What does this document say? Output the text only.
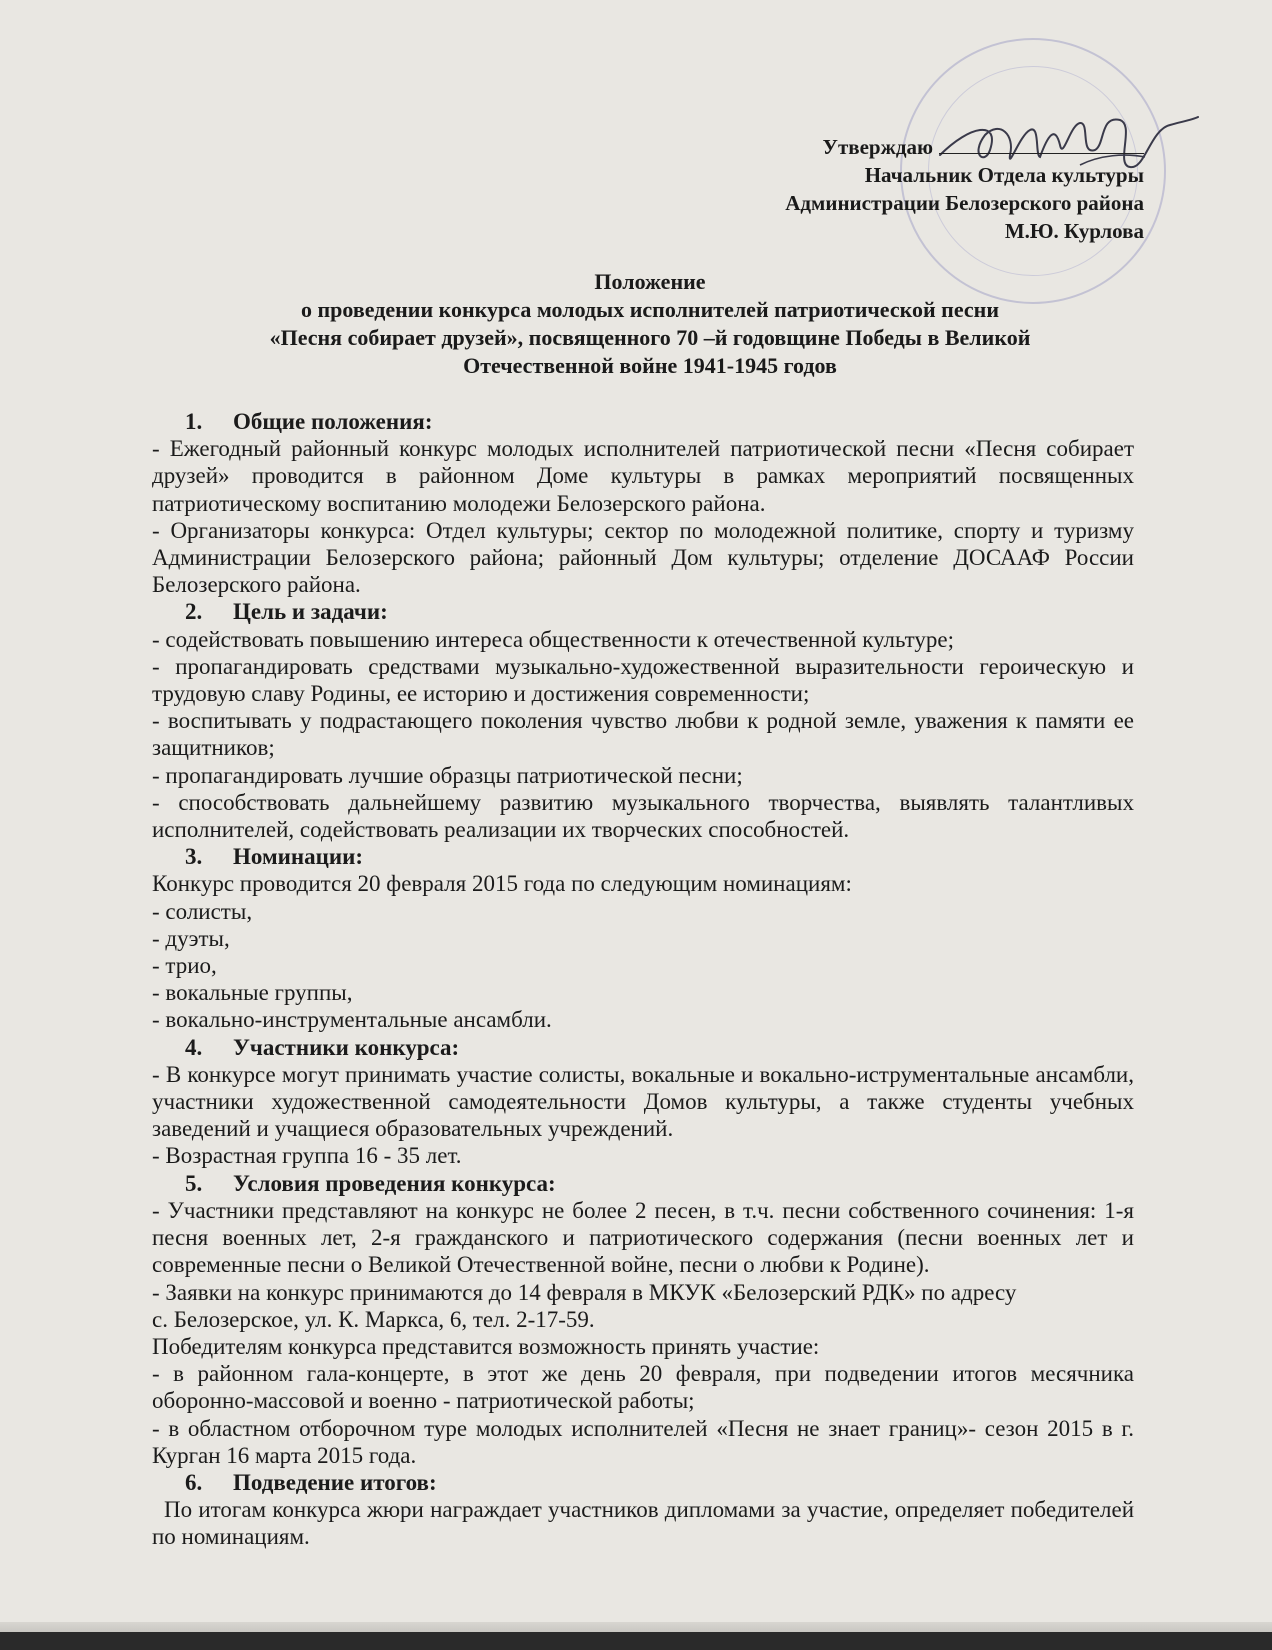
Утверждаю
Начальник Отдела культуры
Администрации Белозерского района
М.Ю. Курлова
Положение
о проведении конкурса молодых исполнителей патриотической песни
«Песня собирает друзей», посвященного 70 –й годовщине Победы в Великой
Отечественной войне 1941-1945 годов
1. Общие положения:
- Ежегодный районный конкурс молодых исполнителей патриотической песни «Песня собирает друзей» проводится в районном Доме культуры в рамках мероприятий посвященных патриотическому воспитанию молодежи Белозерского района.
- Организаторы конкурса: Отдел культуры; сектор по молодежной политике, спорту и туризму Администрации Белозерского района; районный Дом культуры; отделение ДОСААФ России Белозерского района.
2. Цель и задачи:
- содействовать повышению интереса общественности к отечественной культуре;
- пропагандировать средствами музыкально-художественной выразительности героическую и трудовую славу Родины, ее историю и достижения современности;
- воспитывать у подрастающего поколения чувство любви к родной земле, уважения к памяти ее защитников;
- пропагандировать лучшие образцы патриотической песни;
- способствовать дальнейшему развитию музыкального творчества, выявлять талантливых исполнителей, содействовать реализации их творческих способностей.
3. Номинации:
Конкурс проводится 20 февраля 2015 года по следующим номинациям:
- солисты,
- дуэты,
- трио,
- вокальные группы,
- вокально-инструментальные ансамбли.
4. Участники конкурса:
- В конкурсе могут принимать участие солисты, вокальные и вокально-иструментальные ансамбли, участники художественной самодеятельности Домов культуры, а также студенты учебных заведений и учащиеся образовательных учреждений.
- Возрастная группа 16 - 35 лет.
5. Условия проведения конкурса:
- Участники представляют на конкурс не более 2 песен, в т.ч. песни собственного сочинения: 1-я песня военных лет, 2-я гражданского и патриотического содержания (песни военных лет и современные песни о Великой Отечественной войне, песни о любви к Родине).
- Заявки на конкурс принимаются до 14 февраля в МКУК «Белозерский РДК» по адресу
с. Белозерское, ул. К. Маркса, 6, тел. 2-17-59.
Победителям конкурса представится возможность принять участие:
- в районном гала-концерте, в этот же день 20 февраля, при подведении итогов месячника оборонно-массовой и военно - патриотической работы;
- в областном отборочном туре молодых исполнителей «Песня не знает границ»- сезон 2015 в г. Курган 16 марта 2015 года.
6. Подведение итогов:
По итогам конкурса жюри награждает участников дипломами за участие, определяет победителей по номинациям.
